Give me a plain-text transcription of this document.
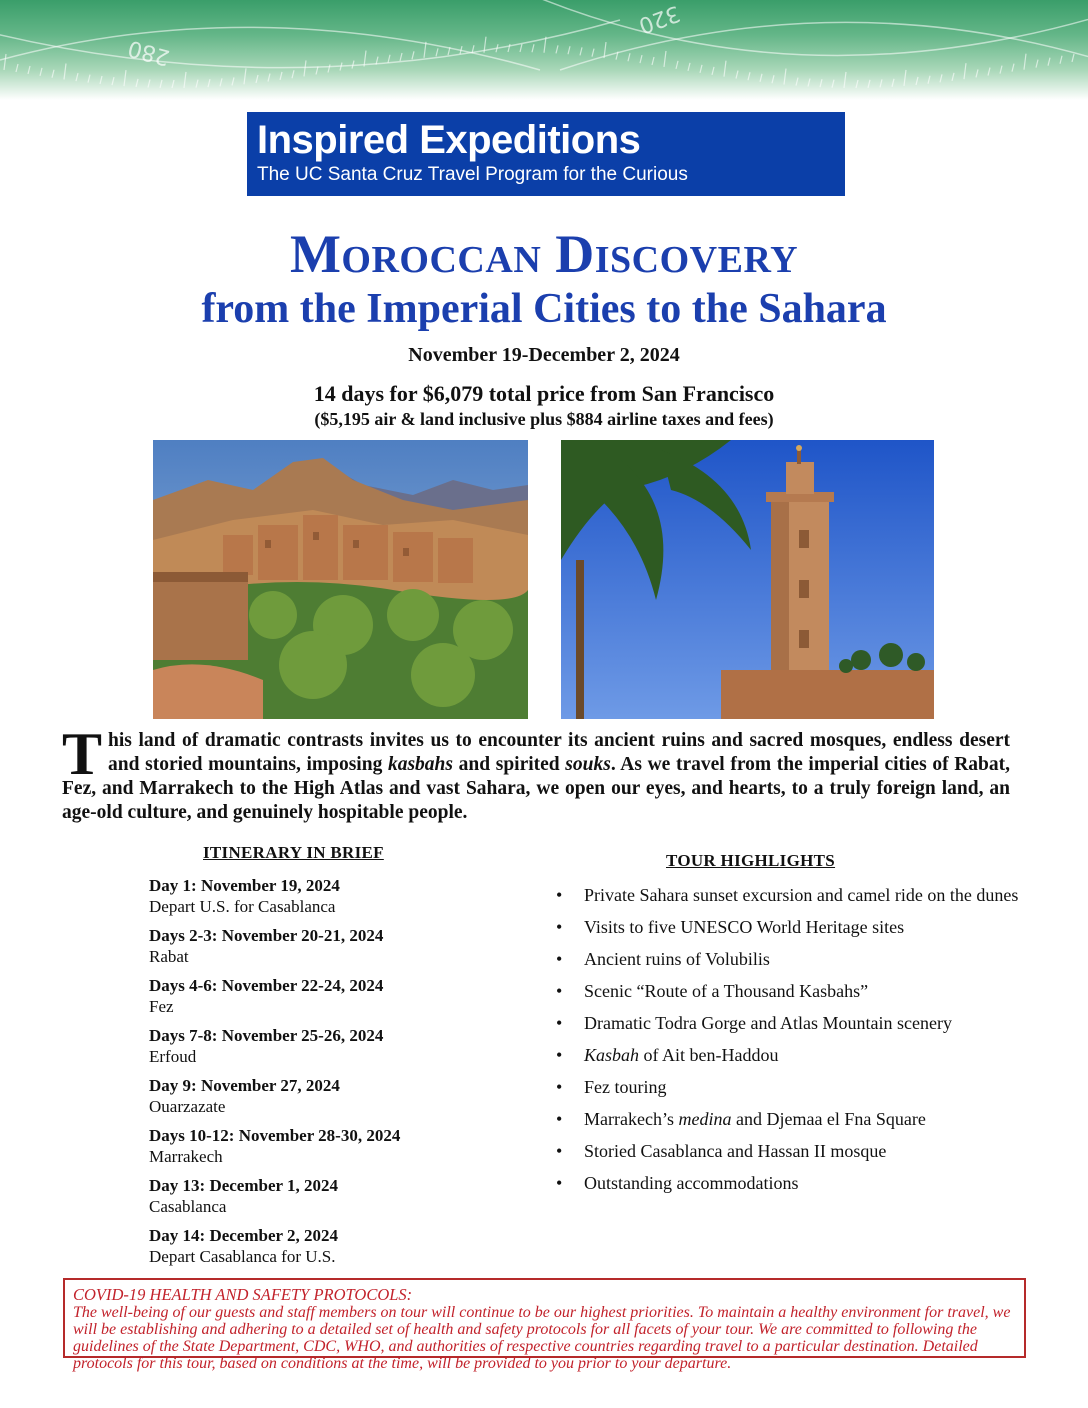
280
320
Inspired Expeditions
The UC Santa Cruz Travel Program for the Curious
Moroccan Discovery
from the Imperial Cities to the Sahara
November 19-December 2, 2024
14 days for $6,079 total price from San Francisco
($5,195 air & land inclusive plus $884 airline taxes and fees)
This land of dramatic contrasts invites us to encounter its ancient ruins and sacred mosques, endless desert and storied mountains, imposing kasbahs and spirited souks. As we travel from the imperial cities of Rabat, Fez, and Marrakech to the High Atlas and vast Sahara, we open our eyes, and hearts, to a truly foreign land, an age-old culture, and genuinely hospitable people.
ITINERARY IN BRIEF
Day 1: November 19, 2024
Depart U.S. for Casablanca
Days 2-3: November 20-21, 2024
Rabat
Days 4-6: November 22-24, 2024
Fez
Days 7-8: November 25-26, 2024
Erfoud
Day 9: November 27, 2024
Ouarzazate
Days 10-12: November 28-30, 2024
Marrakech
Day 13: December 1, 2024
Casablanca
Day 14: December 2, 2024
Depart Casablanca for U.S.
TOUR HIGHLIGHTS
• Private Sahara sunset excursion and camel ride on the dunes
• Visits to five UNESCO World Heritage sites
• Ancient ruins of Volubilis
• Scenic “Route of a Thousand Kasbahs”
• Dramatic Todra Gorge and Atlas Mountain scenery
• Kasbah of Ait ben-Haddou
• Fez touring
• Marrakech’s medina and Djemaa el Fna Square
• Storied Casablanca and Hassan II mosque
• Outstanding accommodations
COVID-19 HEALTH AND SAFETY PROTOCOLS:
The well-being of our guests and staff members on tour will continue to be our highest priorities. To maintain a healthy environment for travel, we will be establishing and adhering to a detailed set of health and safety protocols for all facets of your tour. We are committed to following the guidelines of the State Department, CDC, WHO, and authorities of respective countries regarding travel to a particular destination. Detailed protocols for this tour, based on conditions at the time, will be provided to you prior to your departure.
